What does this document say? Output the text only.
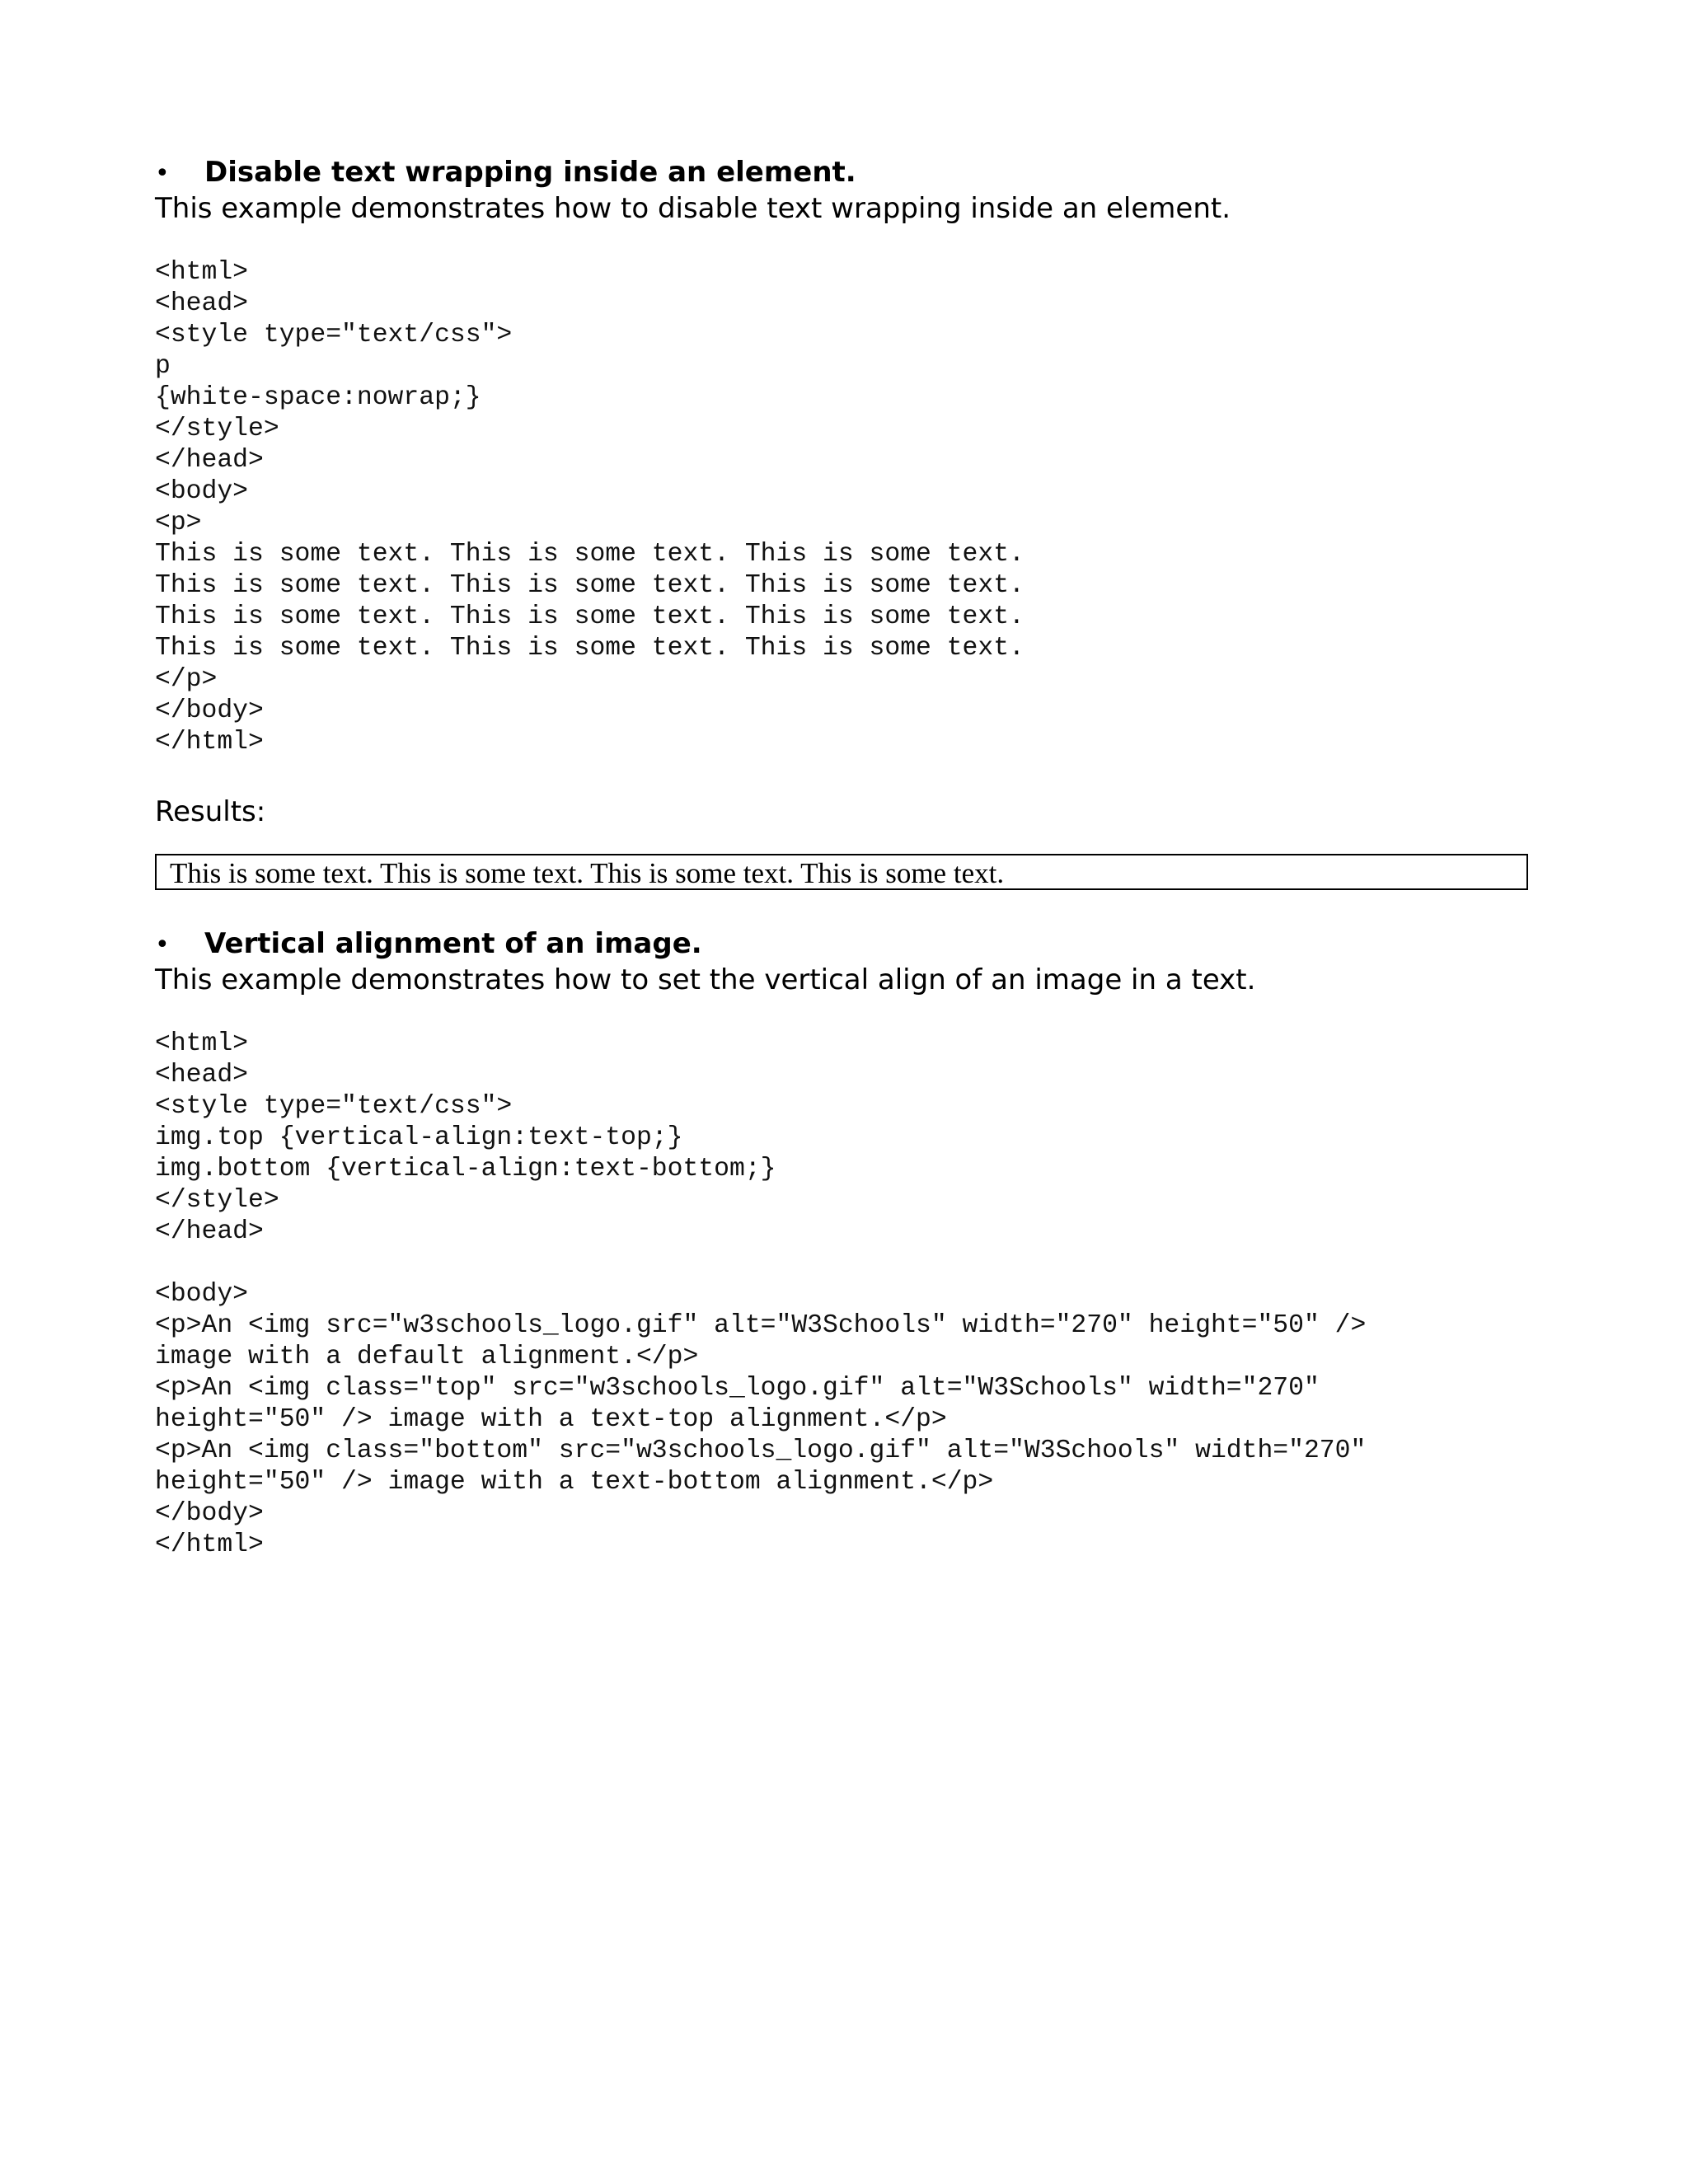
•	Disable text wrapping inside an element.

This example demonstrates how to disable text wrapping inside an element.

<html>
<head>
<style type="text/css">
p
{white-space:nowrap;}
</style>
</head>
<body>
<p>
This is some text. This is some text. This is some text.
This is some text. This is some text. This is some text.
This is some text. This is some text. This is some text.
This is some text. This is some text. This is some text.
</p>
</body>
</html>

Results:

This is some text. This is some text. This is some text. This is some text.
•	Vertical alignment of an image.

This example demonstrates how to set the vertical align of an image in a text.

<html>
<head>
<style type="text/css">
img.top {vertical-align:text-top;}
img.bottom {vertical-align:text-bottom;}
</style>
</head>

<body>
<p>An <img src="w3schools_logo.gif" alt="W3Schools" width="270" height="50" />
image with a default alignment.</p>
<p>An <img class="top" src="w3schools_logo.gif" alt="W3Schools" width="270"
height="50" /> image with a text-top alignment.</p>
<p>An <img class="bottom" src="w3schools_logo.gif" alt="W3Schools" width="270"
height="50" /> image with a text-bottom alignment.</p>
</body>
</html>
